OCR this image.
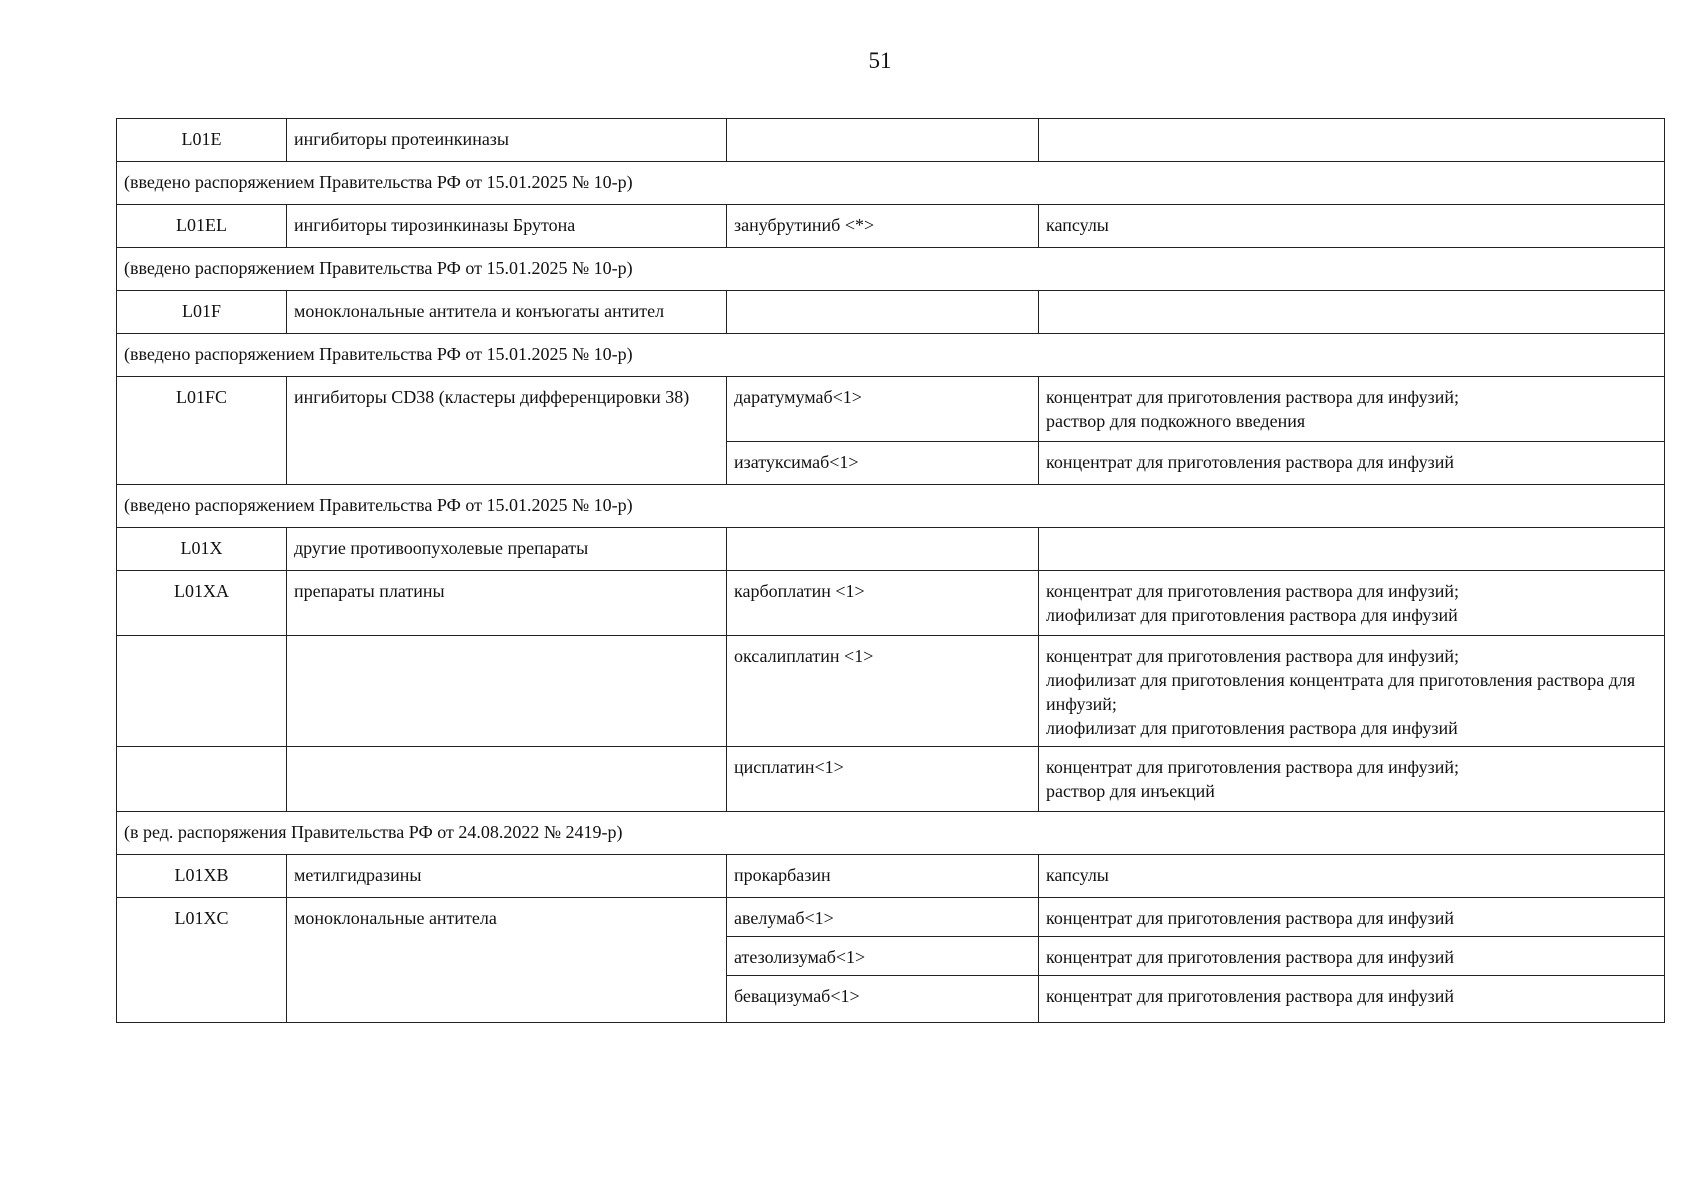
51
L01E	ингибиторы протеинкиназы		
(введено распоряжением Правительства РФ от 15.01.2025 № 10-р)			
L01EL	ингибиторы тирозинкиназы Брутона	занубрутиниб <*>	капсулы

(введено распоряжением Правительства РФ от 15.01.2025 № 10-р)			
L01F	моноклональные антитела и конъюгаты антител		
(введено распоряжением Правительства РФ от 15.01.2025 № 10-р)			
L01FC	ингибиторы CD38 (кластеры дифференцировки 38)	даратумумаб<1>	концентрат для приготовления раствора для инфузий;
раствор для подкожного введения

		изатуксимаб<1>	концентрат для приготовления раствора для инфузий

(введено распоряжением Правительства РФ от 15.01.2025 № 10-р)			
L01X	другие противоопухолевые препараты		
L01XA	препараты платины	карбоплатин <1>	концентрат для приготовления раствора для инфузий;
лиофилизат для приготовления раствора для инфузий

		оксалиплатин <1>	концентрат для приготовления раствора для инфузий;
лиофилизат для приготовления концентрата для приготовления раствора для инфузий;
лиофилизат для приготовления раствора для инфузий

		цисплатин<1>	концентрат для приготовления раствора для инфузий;
раствор для инъекций

(в ред. распоряжения Правительства РФ от 24.08.2022 № 2419-р)			
L01XB	метилгидразины	прокарбазин	капсулы

L01XC	моноклональные антитела	авелумаб<1>	концентрат для приготовления раствора для инфузий

		атезолизумаб<1>	концентрат для приготовления раствора для инфузий

		бевацизумаб<1>	концентрат для приготовления раствора для инфузий
